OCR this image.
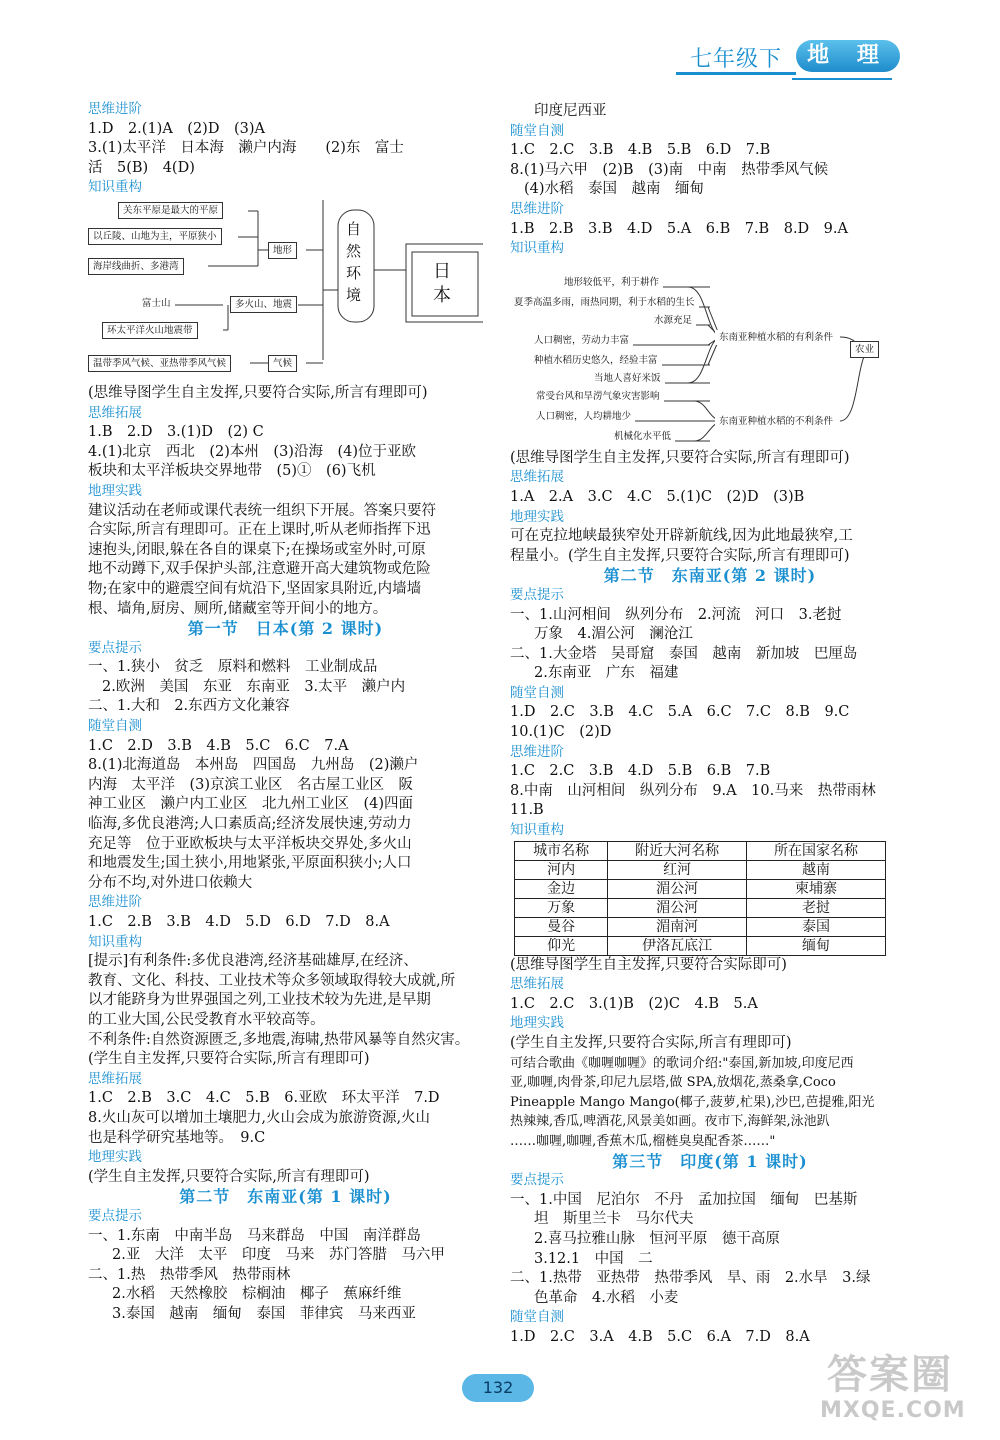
七年级下	地 理
思维进阶
1.D　2.(1)A　(2)D　(3)A
3.(1)太平洋　日本海　濑户内海　　(2)东　富士
活　5(B)　4(D)
知识重构
关东平原是最大的平原
以丘陵、山地为主，平原狭小
海岸线曲折、多港湾
地形
富士山	多火山、地震
环太平洋火山地震带
温带季风气候、亚热带季风气候	气候
自然环境
日本
(思维导图学生自主发挥,只要符合实际,所言有理即可)
思维拓展
1.B　2.D　3.(1)D　(2) C
4.(1)北京　西北　(2)本州　(3)沿海　(4)位于亚欧
板块和太平洋板块交界地带　(5)①　(6)飞机
地理实践
建议活动在老师或课代表统一组织下开展。答案只要符
合实际,所言有理即可。正在上课时,听从老师指挥下迅
速抱头,闭眼,躲在各自的课桌下;在操场或室外时,可原
地不动蹲下,双手保护头部,注意避开高大建筑物或危险
物;在家中的避震空间有炕沿下,坚固家具附近,内墙墙
根、墙角,厨房、厕所,储藏室等开间小的地方。
第一节　日本(第 2 课时)
要点提示
一、1.狭小　贫乏　原料和燃料　工业制成品
2.欧洲　美国　东亚　东南亚　3.太平　濑户内
二、1.大和　2.东西方文化兼容
随堂自测
1.C　2.D　3.B　4.B　5.C　6.C　7.A
8.(1)北海道岛　本州岛　四国岛　九州岛　(2)濑户
内海　太平洋　(3)京滨工业区　名古屋工业区　阪
神工业区　濑户内工业区　北九州工业区　(4)四面
临海,多优良港湾;人口素质高;经济发展快速,劳动力
充足等　位于亚欧板块与太平洋板块交界处,多火山
和地震发生;国土狭小,用地紧张,平原面积狭小;人口
分布不均,对外进口依赖大
思维进阶
1.C　2.B　3.B　4.D　5.D　6.D　7.D　8.A
知识重构
[提示]有利条件:多优良港湾,经济基础雄厚,在经济、
教育、文化、科技、工业技术等众多领域取得较大成就,所
以才能跻身为世界强国之列,工业技术较为先进,是早期
的工业大国,公民受教育水平较高等。
不利条件:自然资源匮乏,多地震,海啸,热带风暴等自然灾害。
(学生自主发挥,只要符合实际,所言有理即可)
思维拓展
1.C　2.B　3.C　4.C　5.B　6.亚欧　环太平洋　7.D
8.火山灰可以增加土壤肥力,火山会成为旅游资源,火山
也是科学研究基地等。　9.C
地理实践
(学生自主发挥,只要符合实际,所言有理即可)
第二节　东南亚(第 1 课时)
要点提示
一、1.东南　中南半岛　马来群岛　中国　南洋群岛
2.亚　大洋　太平　印度　马来　苏门答腊　马六甲
二、1.热　热带季风　热带雨林
2.水稻　天然橡胶　棕榈油　椰子　蕉麻纤维
3.泰国　越南　缅甸　泰国　菲律宾　马来西亚
印度尼西亚
随堂自测
1.C　2.C　3.B　4.B　5.B　6.D　7.B
8.(1)马六甲　(2)B　(3)南　中南　热带季风气候
(4)水稻　泰国　越南　缅甸
思维进阶
1.B　2.B　3.B　4.D　5.A　6.B　7.B　8.D　9.A
知识重构
地形较低平，利于耕作
夏季高温多雨，雨热同期，利于水稻的生长
水源充足
人口稠密，劳动力丰富
种植水稻历史悠久，经验丰富
当地人喜好米饭
东南亚种植水稻的有利条件
农业
常受台风和旱涝气象灾害影响
人口稠密，人均耕地少
机械化水平低
东南亚种植水稻的不利条件
(思维导图学生自主发挥,只要符合实际,所言有理即可)
思维拓展
1.A　2.A　3.C　4.C　5.(1)C　(2)D　(3)B
地理实践
可在克拉地峡最狭窄处开辟新航线,因为此地最狭窄,工
程量小。(学生自主发挥,只要符合实际,所言有理即可)
第二节　东南亚(第 2 课时)
要点提示
一、1.山河相间　纵列分布　2.河流　河口　3.老挝
万象　4.湄公河　澜沧江
二、1.大金塔　吴哥窟　泰国　越南　新加坡　巴厘岛
2.东南亚　广东　福建
随堂自测
1.D　2.C　3.B　4.C　5.A　6.C　7.C　8.B　9.C
10.(1)C　(2)D
思维进阶
1.C　2.C　3.B　4.D　5.B　6.B　7.B
8.中南　山河相间　纵列分布　9.A　10.马来　热带雨林
11.B
知识重构
城市名称	附近大河名称	所在国家名称
河内	红河	越南
金边	湄公河	柬埔寨
万象	湄公河	老挝
曼谷	湄南河	泰国
仰光	伊洛瓦底江	缅甸
(思维导图学生自主发挥,只要符合实际即可)
思维拓展
1.C　2.C　3.(1)B　(2)C　4.B　5.A
地理实践
(学生自主发挥,只要符合实际,所言有理即可)
可结合歌曲《咖喱咖喱》的歌词介绍:"泰国,新加坡,印度尼西
亚,咖喱,肉骨茶,印尼九层塔,做 SPA,放烟花,蒸桑拿,Coco
Pineapple Mango Mango(椰子,菠萝,杧果),沙巴,芭提雅,阳光
热辣辣,香瓜,啤酒花,风景美如画。夜市下,海鲜架,泳池趴
……咖喱,咖喱,香蕉木瓜,榴梿臭臭配香茶……"
第三节　印度(第 1 课时)
要点提示
一、1.中国　尼泊尔　不丹　孟加拉国　缅甸　巴基斯
坦　斯里兰卡　马尔代夫
2.喜马拉雅山脉　恒河平原　德干高原
3.12.1　中国　二
二、1.热带　亚热带　热带季风　旱、雨　2.水旱　3.绿
色革命　4.水稻　小麦
随堂自测
1.D　2.C　3.A　4.B　5.C　6.A　7.D　8.A
132	答案圈
MXQE.COM
